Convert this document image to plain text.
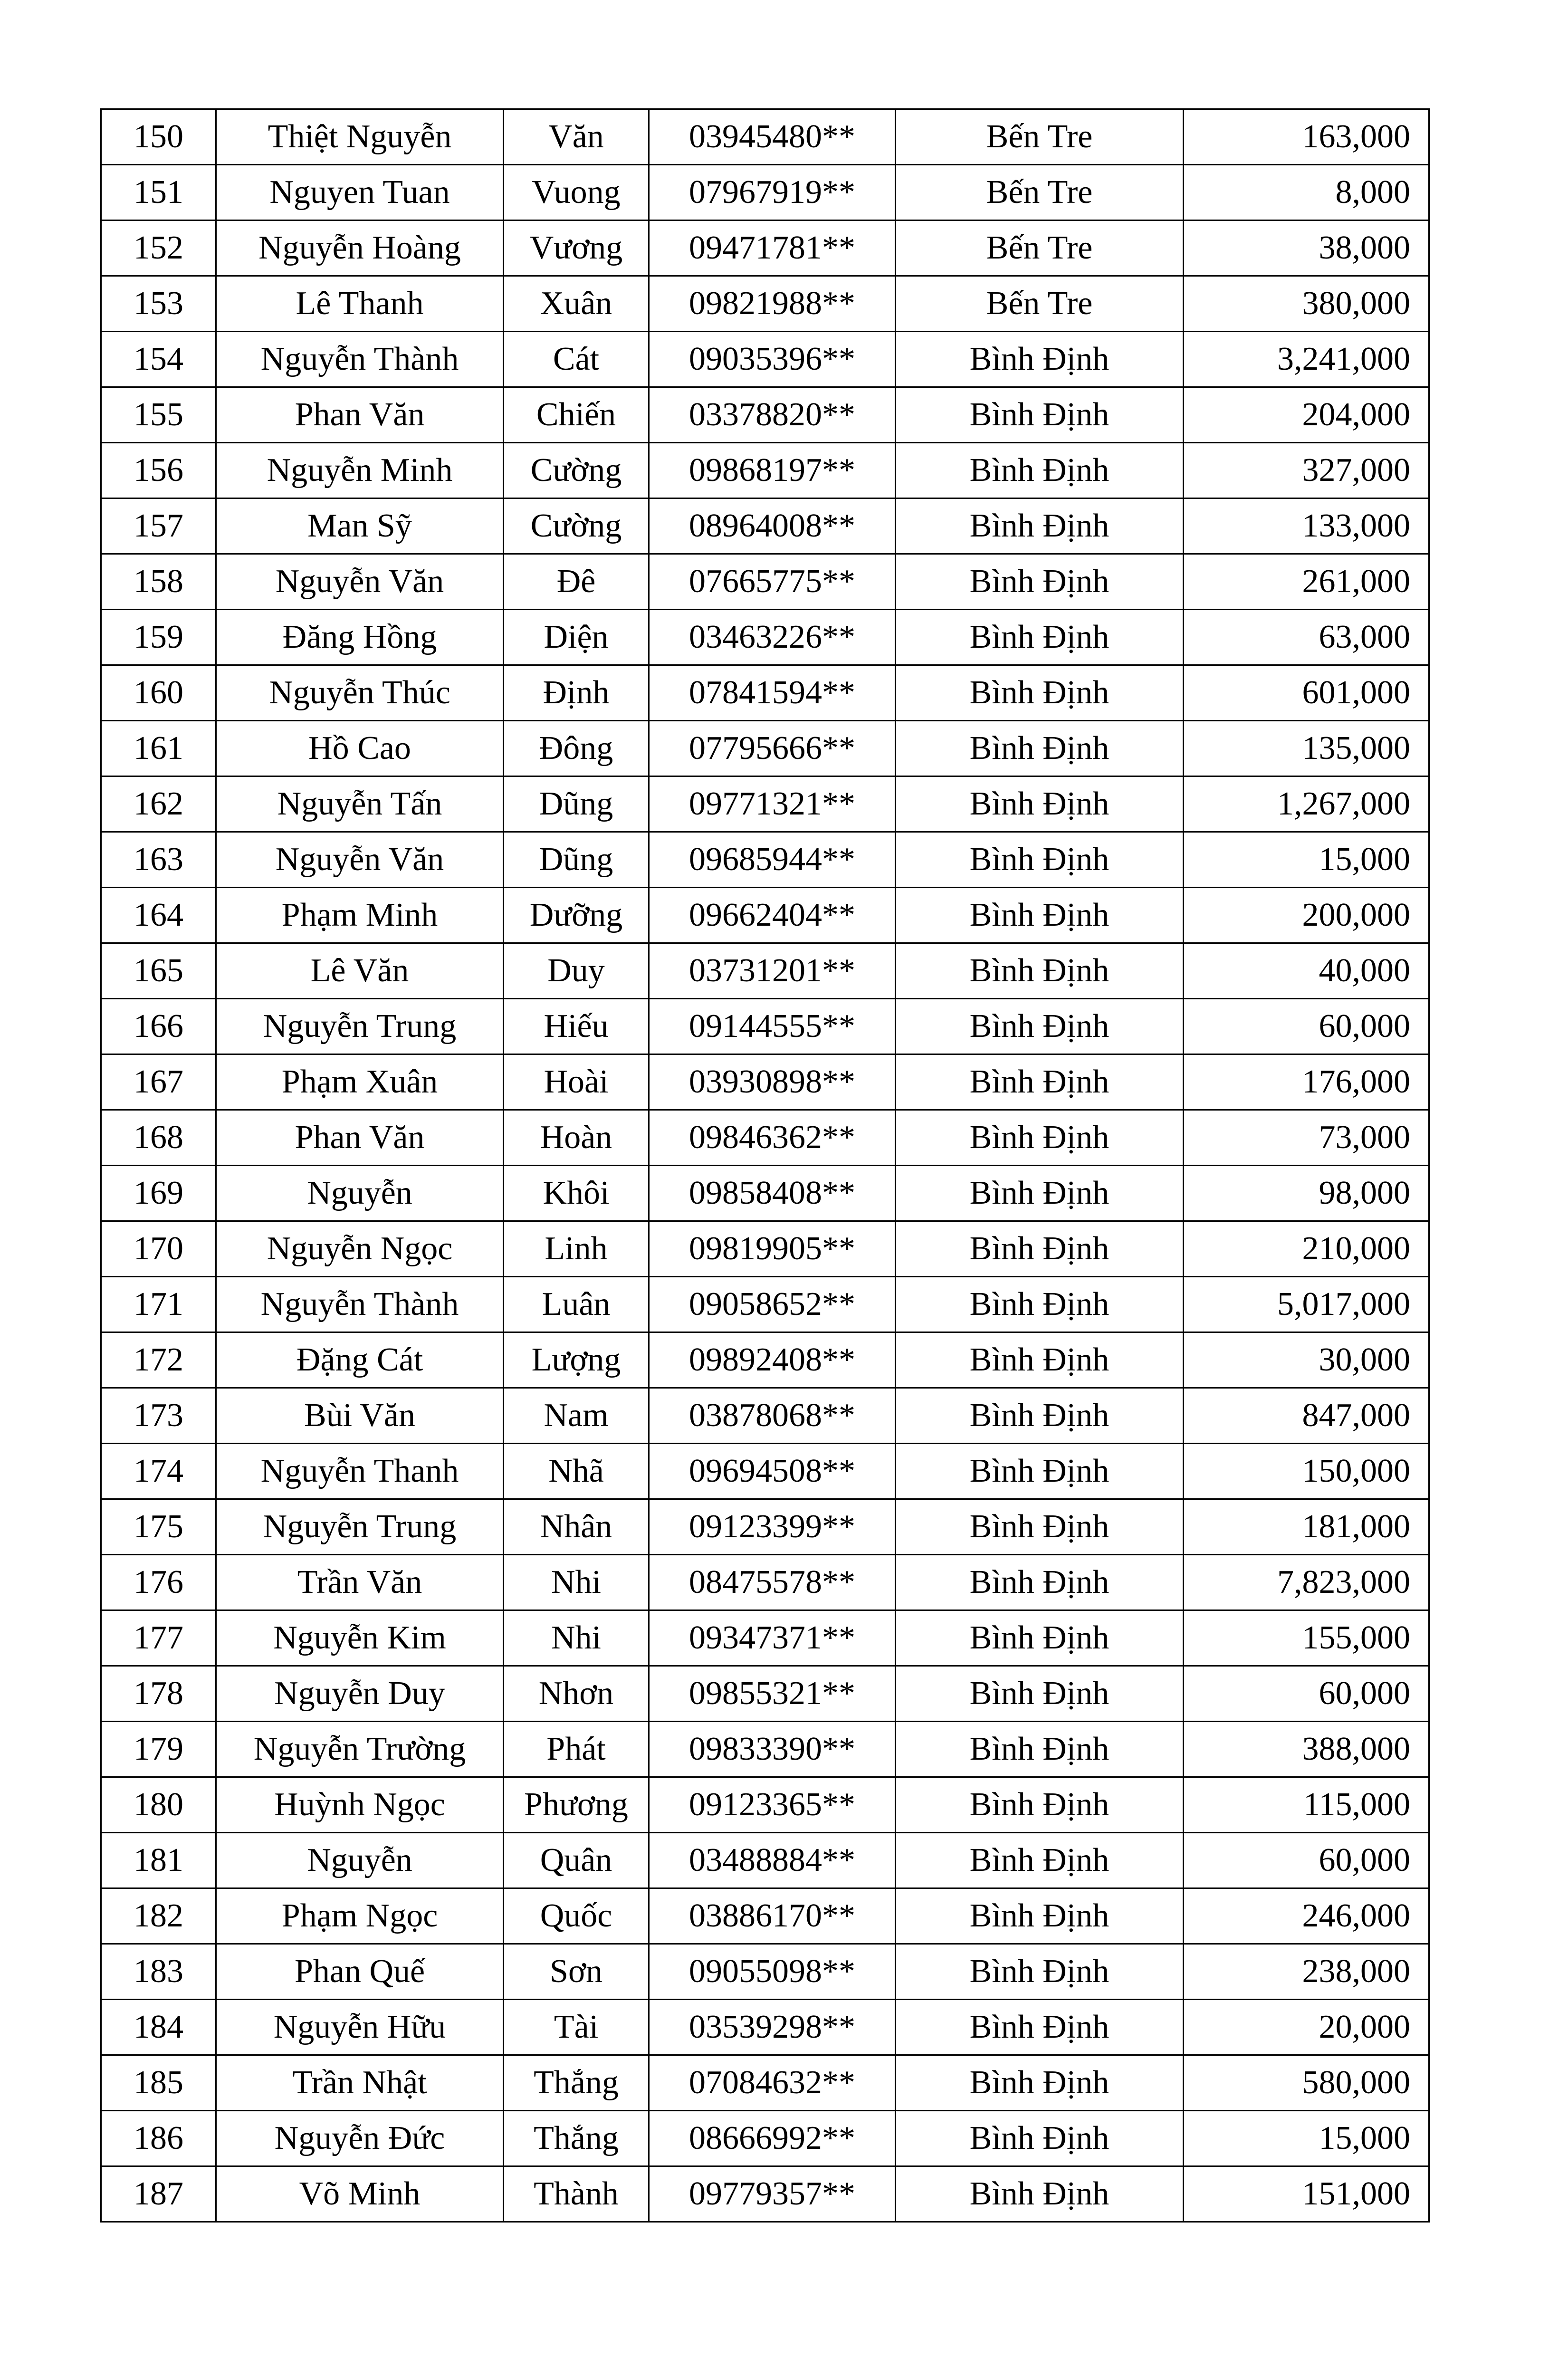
150	Thiệt Nguyễn	Văn	03945480**	Bến Tre	163,000
151	Nguyen Tuan	Vuong	07967919**	Bến Tre	8,000
152	Nguyễn Hoàng	Vương	09471781**	Bến Tre	38,000
153	Lê Thanh	Xuân	09821988**	Bến Tre	380,000
154	Nguyễn Thành	Cát	09035396**	Bình Định	3,241,000
155	Phan Văn	Chiến	03378820**	Bình Định	204,000
156	Nguyễn Minh	Cường	09868197**	Bình Định	327,000
157	Man Sỹ	Cường	08964008**	Bình Định	133,000
158	Nguyễn Văn	Đê	07665775**	Bình Định	261,000
159	Đăng Hồng	Diện	03463226**	Bình Định	63,000
160	Nguyễn Thúc	Định	07841594**	Bình Định	601,000
161	Hồ Cao	Đông	07795666**	Bình Định	135,000
162	Nguyễn Tấn	Dũng	09771321**	Bình Định	1,267,000
163	Nguyễn Văn	Dũng	09685944**	Bình Định	15,000
164	Phạm Minh	Dưỡng	09662404**	Bình Định	200,000
165	Lê Văn	Duy	03731201**	Bình Định	40,000
166	Nguyễn Trung	Hiếu	09144555**	Bình Định	60,000
167	Phạm Xuân	Hoài	03930898**	Bình Định	176,000
168	Phan Văn	Hoàn	09846362**	Bình Định	73,000
169	Nguyễn	Khôi	09858408**	Bình Định	98,000
170	Nguyễn Ngọc	Linh	09819905**	Bình Định	210,000
171	Nguyễn Thành	Luân	09058652**	Bình Định	5,017,000
172	Đặng Cát	Lượng	09892408**	Bình Định	30,000
173	Bùi Văn	Nam	03878068**	Bình Định	847,000
174	Nguyễn Thanh	Nhã	09694508**	Bình Định	150,000
175	Nguyễn Trung	Nhân	09123399**	Bình Định	181,000
176	Trần Văn	Nhi	08475578**	Bình Định	7,823,000
177	Nguyễn Kim	Nhi	09347371**	Bình Định	155,000
178	Nguyễn Duy	Nhơn	09855321**	Bình Định	60,000
179	Nguyễn Trường	Phát	09833390**	Bình Định	388,000
180	Huỳnh Ngọc	Phương	09123365**	Bình Định	115,000
181	Nguyễn	Quân	03488884**	Bình Định	60,000
182	Phạm Ngọc	Quốc	03886170**	Bình Định	246,000
183	Phan Quế	Sơn	09055098**	Bình Định	238,000
184	Nguyễn Hữu	Tài	03539298**	Bình Định	20,000
185	Trần Nhật	Thắng	07084632**	Bình Định	580,000
186	Nguyễn Đức	Thắng	08666992**	Bình Định	15,000
187	Võ Minh	Thành	09779357**	Bình Định	151,000
